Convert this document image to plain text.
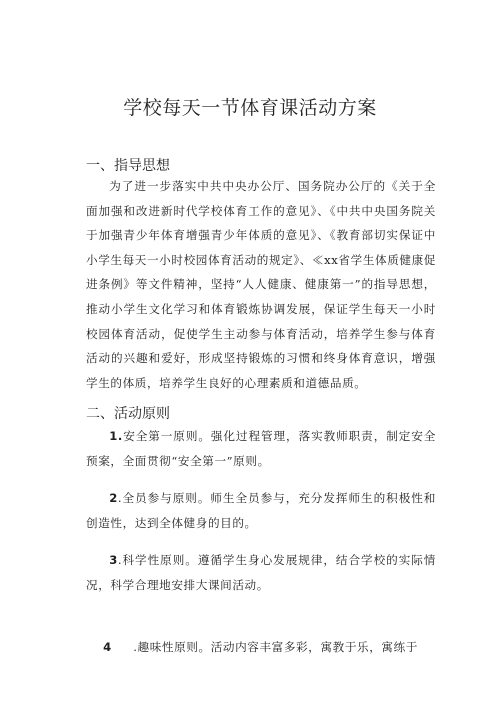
学校每天一节体育课活动方案
一、指导思想
为了进一步落实中共中央办公厅、国务院办公厅的《关于全面加强和改进新时代学校体育工作的意见》、《中共中央国务院关于加强青少年体育增强青少年体质的意见》、《教育部切实保证中小学生每天一小时校园体育活动的规定》、≪xx省学生体质健康促进条例》等文件精神，坚持“人人健康、健康第一”的指导思想，推动小学生文化学习和体育锻炼协调发展，保证学生每天一小时校园体育活动，促使学生主动参与体育活动，培养学生参与体育活动的兴趣和爱好，形成坚持锻炼的习惯和终身体育意识，增强学生的体质，培养学生良好的心理素质和道德品质。
二、活动原则
1.安全第一原则。强化过程管理，落实教师职责，制定安全预案，全面贯彻“安全第一”原则。
2.全员参与原则。师生全员参与，充分发挥师生的积极性和创造性，达到全体健身的目的。
3.科学性原则。遵循学生身心发展规律，结合学校的实际情况，科学合理地安排大课间活动。

4     .趣味性原则。活动内容丰富多彩，寓教于乐，寓练于
